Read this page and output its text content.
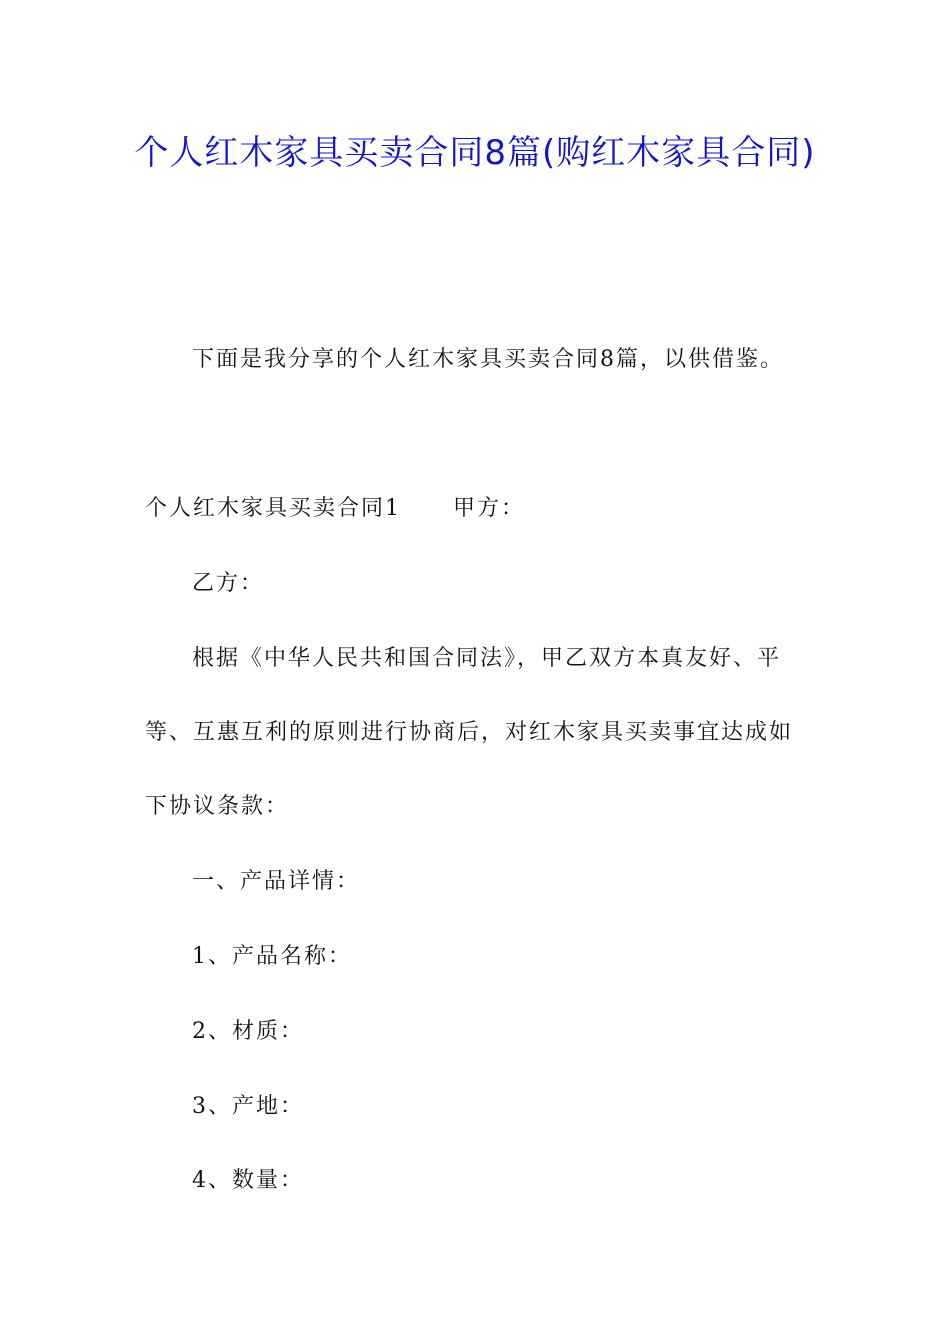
个人红木家具买卖合同8篇(购红木家具合同)

下面是我分享的个人红木家具买卖合同8篇，以供借鉴。

个人红木家具买卖合同1 甲方：

乙方：

根据《中华人民共和国合同法》，甲乙双方本真友好、平

等、互惠互利的原则进行协商后，对红木家具买卖事宜达成如

下协议条款：

一、产品详情：

1、产品名称：

2、材质：

3、产地：

4、数量：
